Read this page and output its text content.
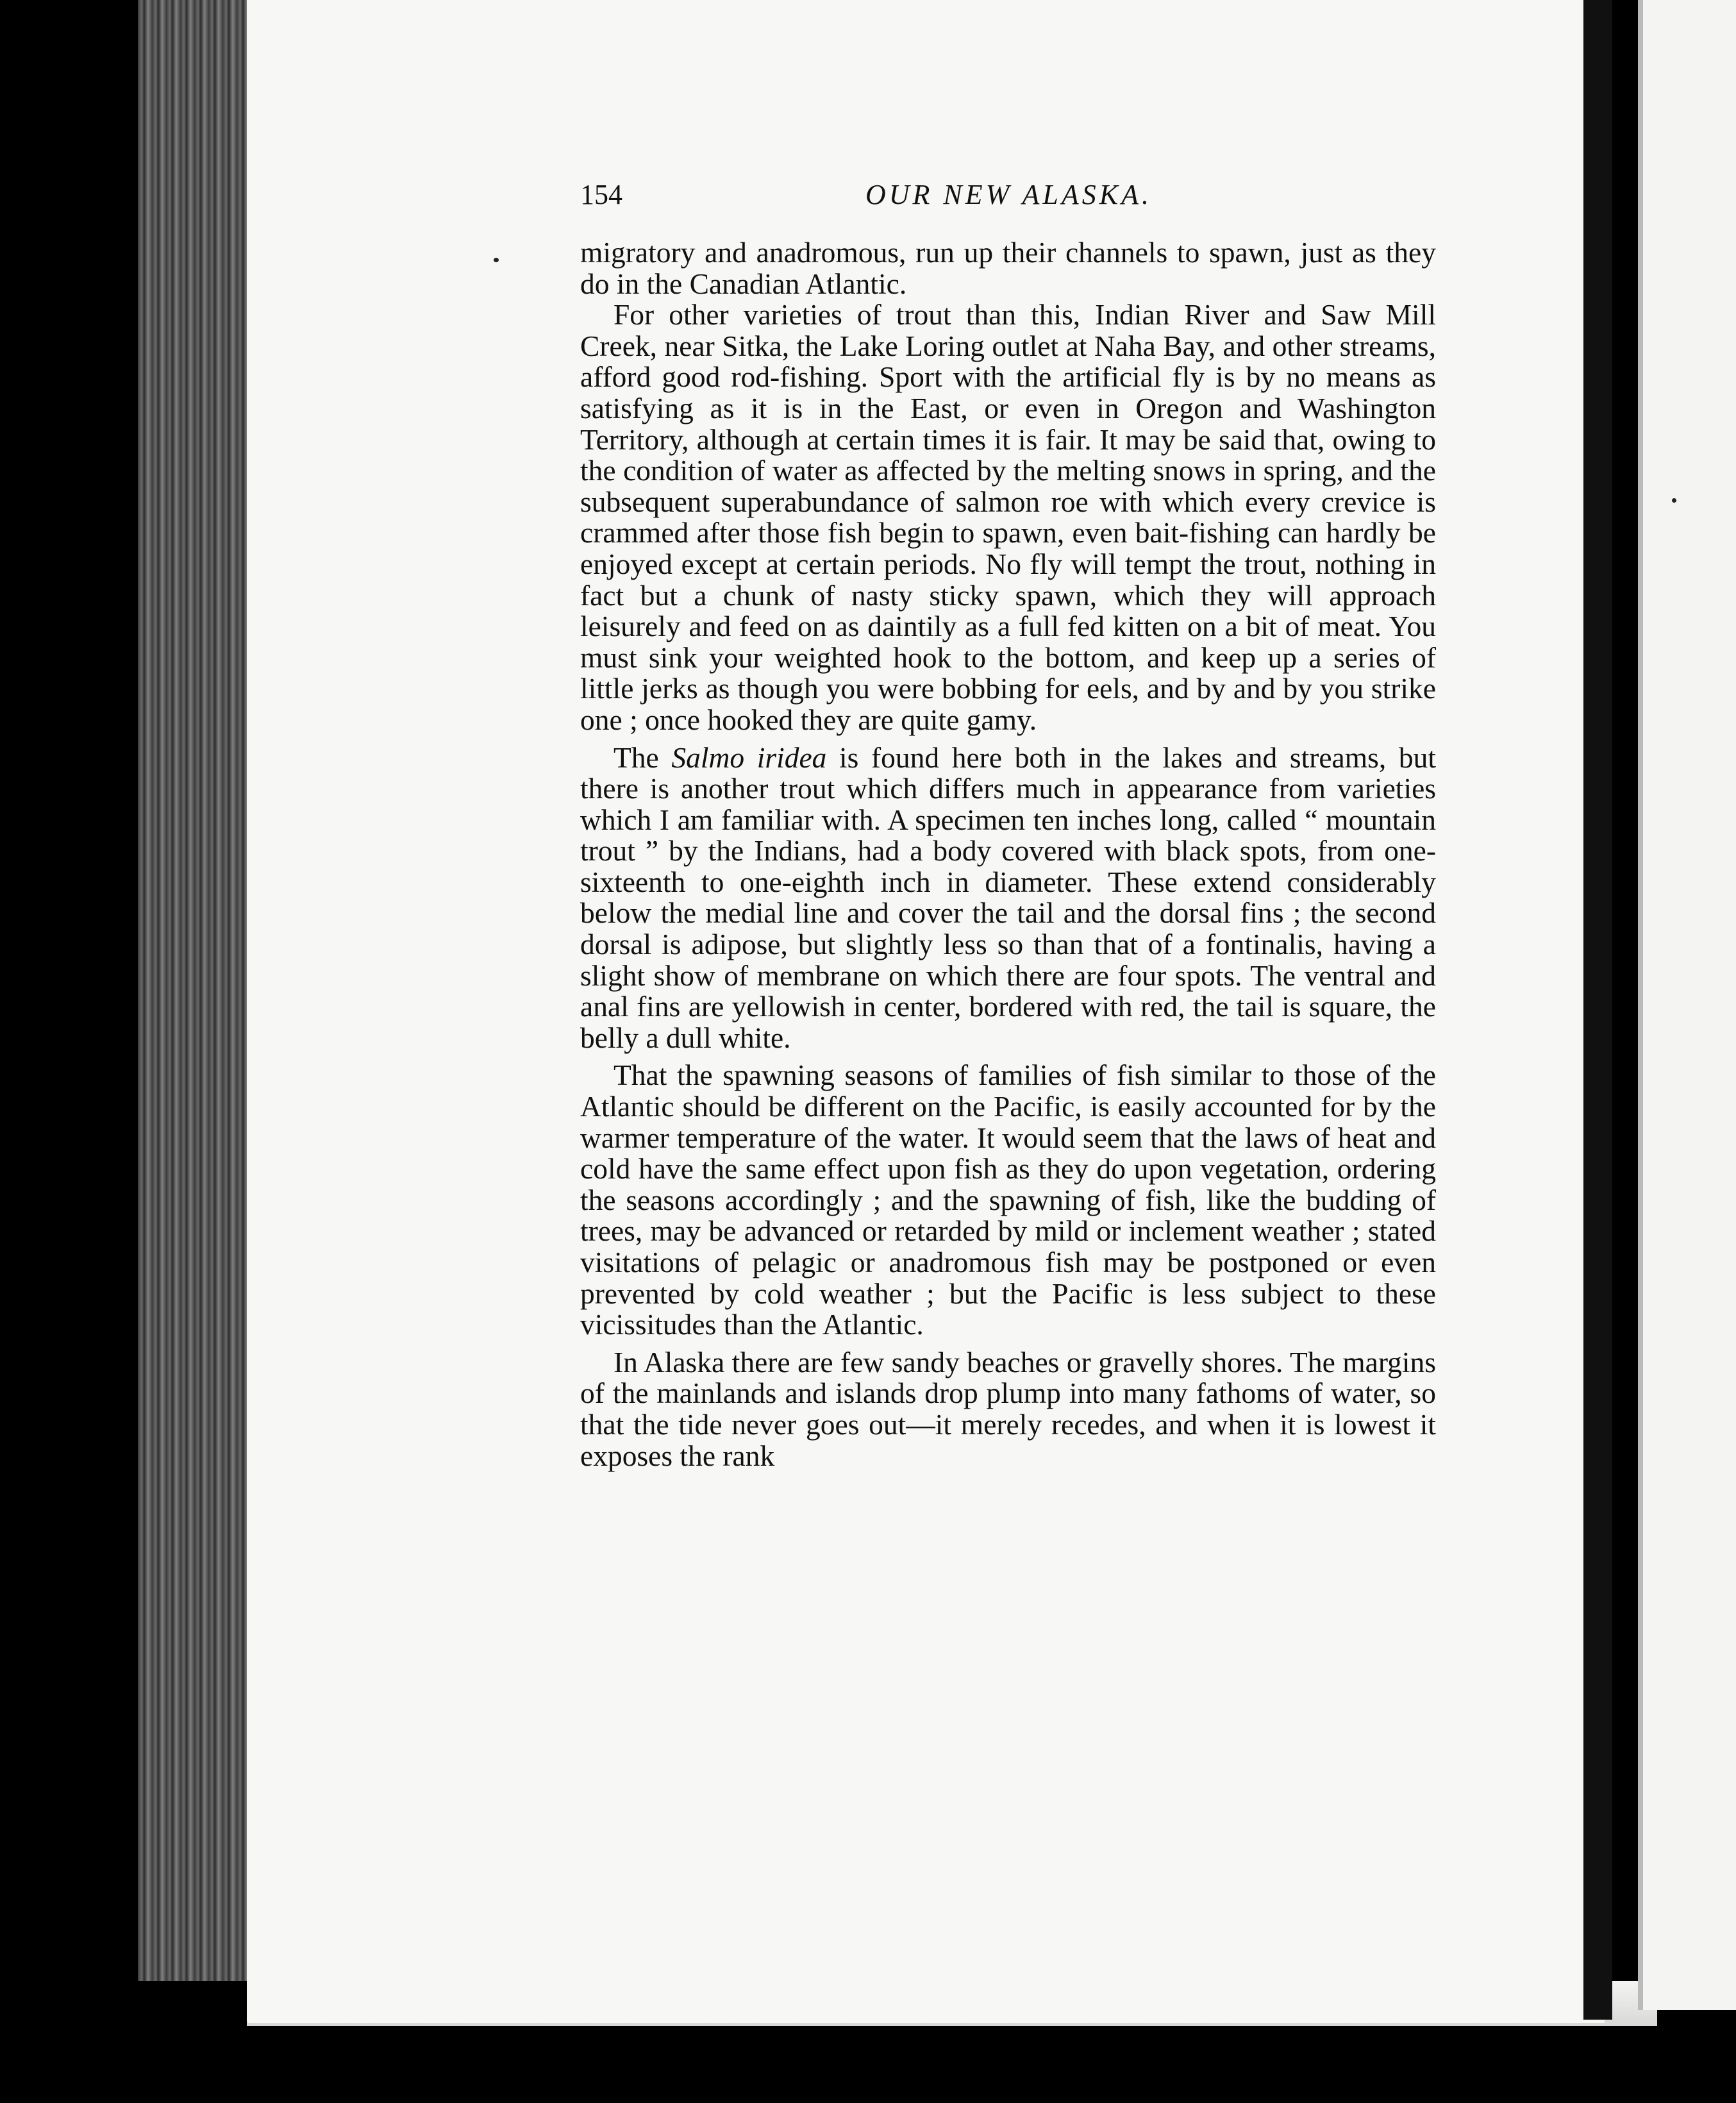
154	OUR NEW ALASKA.

migratory and anadromous, run up their channels to spawn, just as they do in the Canadian Atlantic.

For other varieties of trout than this, Indian River and Saw Mill Creek, near Sitka, the Lake Loring outlet at Naha Bay, and other streams, afford good rod-fishing. Sport with the artificial fly is by no means as satisfying as it is in the East, or even in Oregon and Washington Territory, although at certain times it is fair. It may be said that, owing to the condition of water as affected by the melting snows in spring, and the subsequent superabundance of salmon roe with which every crevice is crammed after those fish begin to spawn, even bait-fishing can hardly be enjoyed except at certain periods. No fly will tempt the trout, nothing in fact but a chunk of nasty sticky spawn, which they will approach leisurely and feed on as daintily as a full fed kitten on a bit of meat. You must sink your weighted hook to the bottom, and keep up a series of little jerks as though you were bobbing for eels, and by and by you strike one ; once hooked they are quite gamy.

The Salmo iridea is found here both in the lakes and streams, but there is another trout which differs much in appearance from varieties which I am familiar with. A specimen ten inches long, called “ mountain trout ” by the Indians, had a body covered with black spots, from one-sixteenth to one-eighth inch in diameter. These extend considerably below the medial line and cover the tail and the dorsal fins ; the second dorsal is adipose, but slightly less so than that of a fontinalis, having a slight show of membrane on which there are four spots. The ventral and anal fins are yellowish in center, bordered with red, the tail is square, the belly a dull white.

That the spawning seasons of families of fish similar to those of the Atlantic should be different on the Pacific, is easily accounted for by the warmer temperature of the water. It would seem that the laws of heat and cold have the same effect upon fish as they do upon vegetation, ordering the seasons accordingly ; and the spawning of fish, like the budding of trees, may be advanced or retarded by mild or inclement weather ; stated visitations of pelagic or anadromous fish may be postponed or even prevented by cold weather ; but the Pacific is less subject to these vicissitudes than the Atlantic.

In Alaska there are few sandy beaches or gravelly shores. The margins of the mainlands and islands drop plump into many fathoms of water, so that the tide never goes out—it merely recedes, and when it is lowest it exposes the rank
